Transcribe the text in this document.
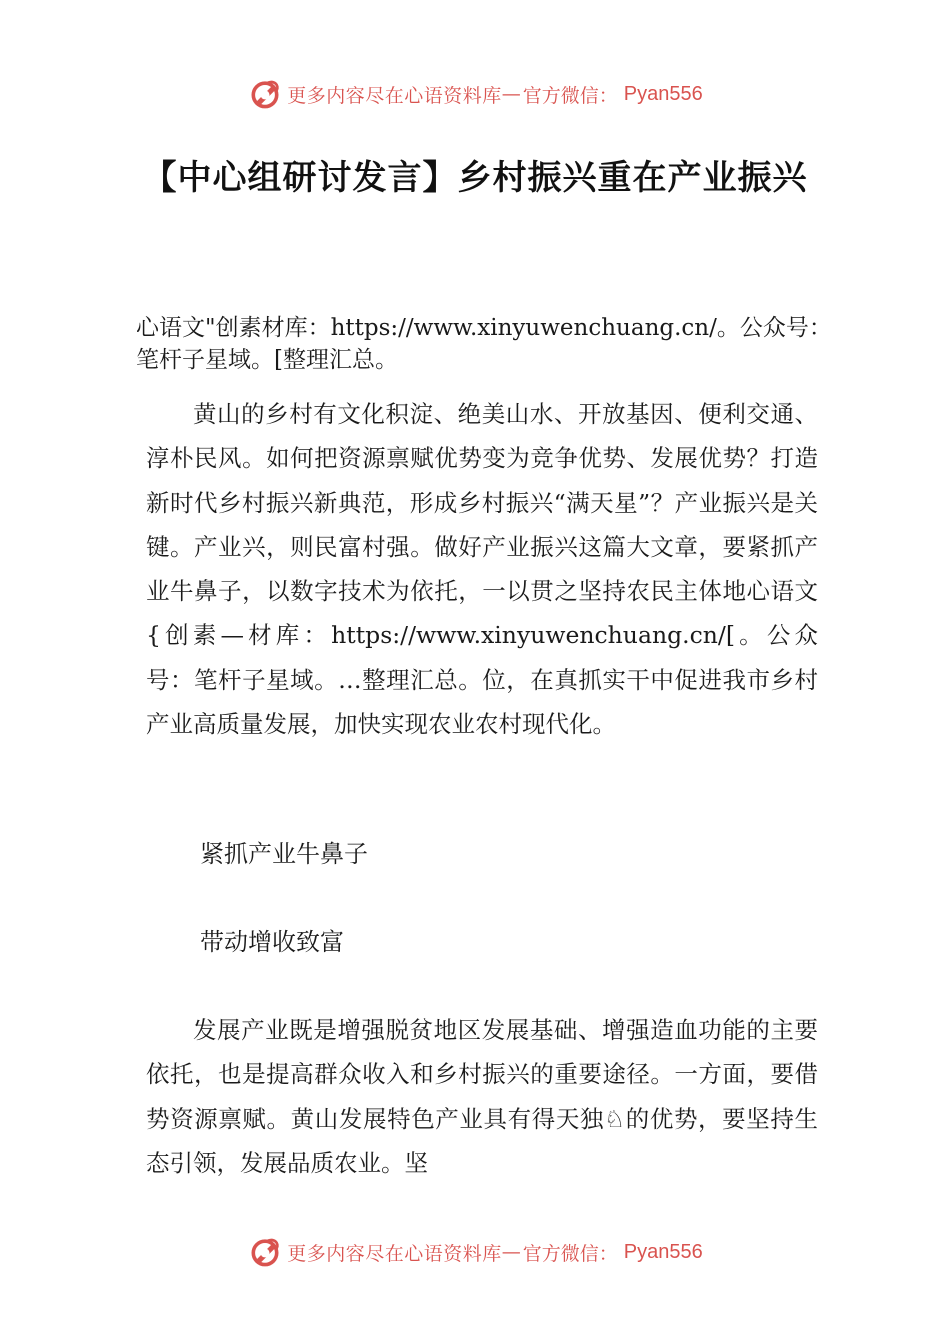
更多内容尽在心语资料库 — 官方微信： Pyan556
【中心组研讨发言】乡村振兴重在产业振兴

心语文"创素材库：https://www.xinyuwenchuang.cn/。公众号：笔杆子星域。[整理汇总。

黄山的乡村有文化积淀、绝美山水、开放基因、便利交通、淳朴民风。如何把资源禀赋优势变为竞争优势、发展优势？打造新时代乡村振兴新典范，形成乡村振兴“满天星”？产业振兴是关键。产业兴，则民富村强。做好产业振兴这篇大文章，要紧抓产业牛鼻子，以数字技术为依托，一以贯之坚持农民主体地心语文{创素—材库：https://www.xinyuwenchuang.cn/[。公众号：笔杆子星域。…整理汇总。位，在真抓实干中促进我市乡村产业高质量发展，加快实现农业农村现代化。

紧抓产业牛鼻子

带动增收致富

发展产业既是增强脱贫地区发展基础、增强造血功能的主要依托，也是提高群众收入和乡村振兴的重要途径。一方面，要借势资源禀赋。黄山发展特色产业具有得天独♘的优势，要坚持生态引领，发展品质农业。坚

更多内容尽在心语资料库 — 官方微信： Pyan556
